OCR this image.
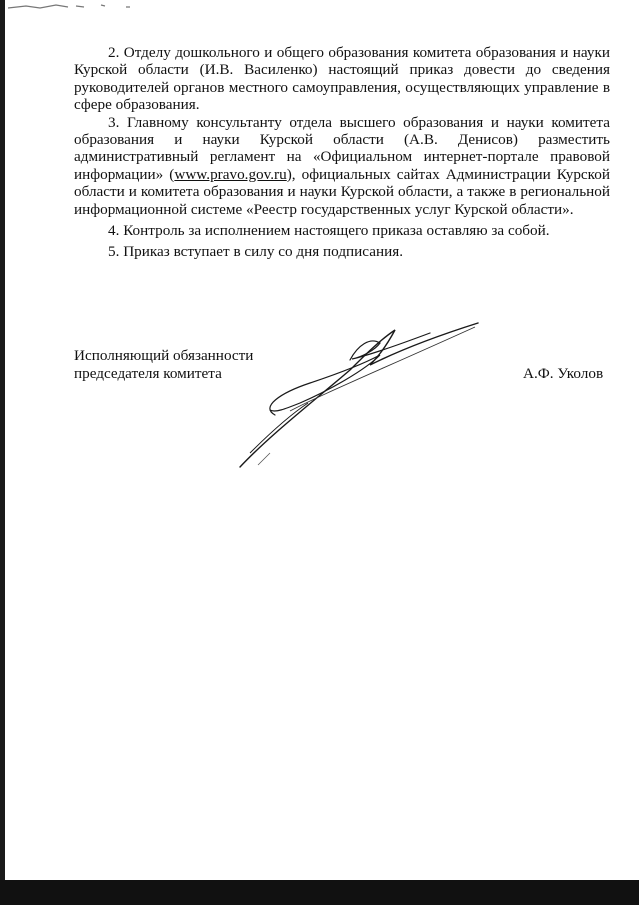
2. Отделу дошкольного и общего образования комитета образования и науки Курской области (И.В. Василенко) настоящий приказ довести до сведения руководителей органов местного самоуправления, осуществляющих управление в сфере образования.

3. Главному консультанту отдела высшего образования и науки комитета образования и науки Курской области (А.В. Денисов) разместить административный регламент на «Официальном интернет-портале правовой информации» (www.pravo.gov.ru), официальных сайтах Администрации Курской области и комитета образования и науки Курской области, а также в региональной информационной системе «Реестр государственных услуг Курской области».

4. Контроль за исполнением настоящего приказа оставляю за собой.

5. Приказ вступает в силу со дня подписания.

Исполняющий обязанности
председателя комитета	А.Ф. Уколов
